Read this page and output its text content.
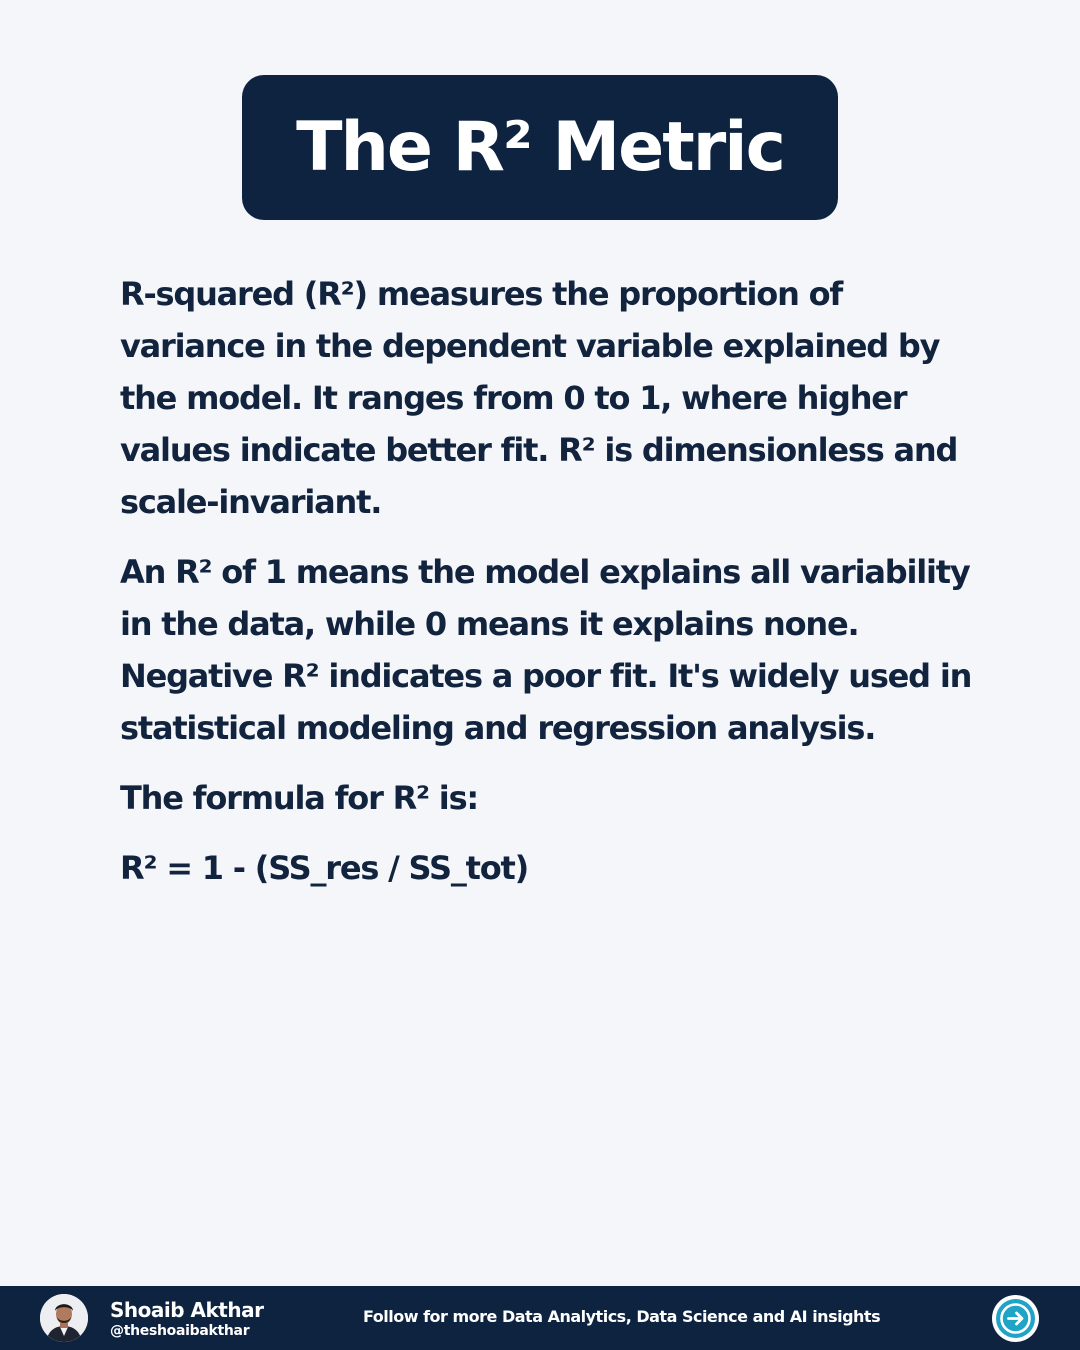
The R² Metric

R-squared (R²) measures the proportion of variance in the dependent variable explained by the model. It ranges from 0 to 1, where higher values indicate better fit. R² is dimensionless and scale-invariant.

An R² of 1 means the model explains all variability in the data, while 0 means it explains none. Negative R² indicates a poor fit. It's widely used in statistical modeling and regression analysis.

The formula for R² is:

R² = 1 - (SS_res / SS_tot)

Shoaib Akthar
@theshoaibakthar
Follow for more Data Analytics, Data Science and AI insights
